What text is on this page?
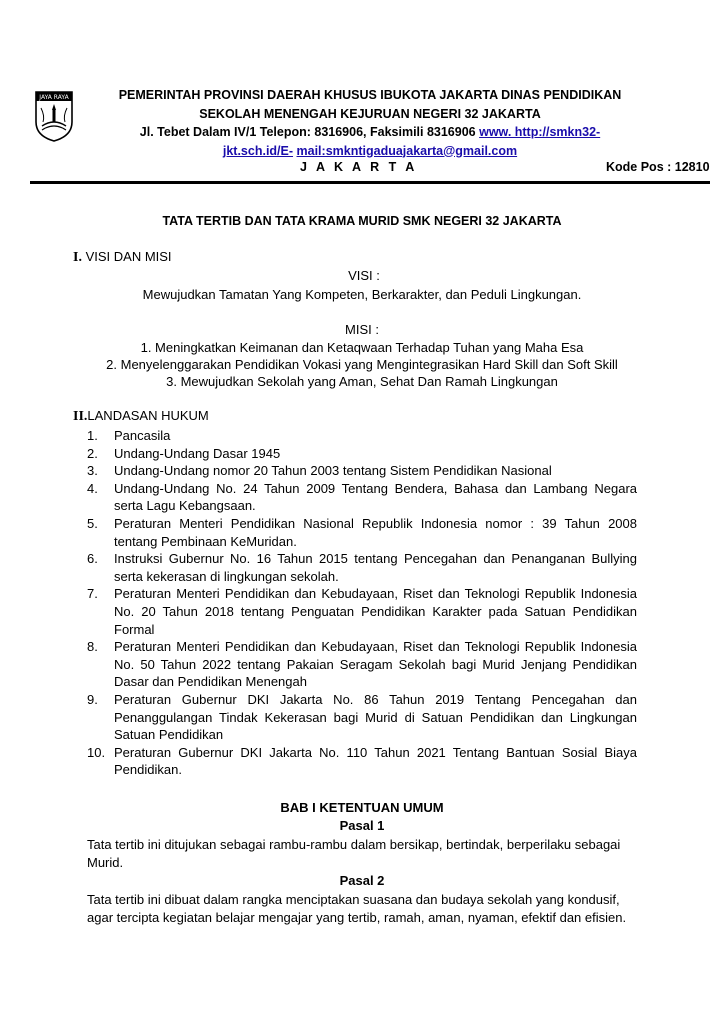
JAYA RAYA	PEMERINTAH PROVINSI DAERAH KHUSUS IBUKOTA JAKARTA DINAS PENDIDIKAN
SEKOLAH MENENGAH KEJURUAN NEGERI 32 JAKARTA
Jl. Tebet Dalam IV/1 Telepon: 8316906, Faksimili 8316906 www. http://smkn32-
jkt.sch.id/E- mail:smkntigaduajakarta@gmail.com
J A K A R T A	Kode Pos : 12810
TATA TERTIB DAN TATA KRAMA MURID SMK NEGERI 32 JAKARTA
I. VISI DAN MISI
VISI :
Mewujudkan Tamatan Yang Kompeten, Berkarakter, dan Peduli Lingkungan.
MISI :
1. Meningkatkan Keimanan dan Ketaqwaan Terhadap Tuhan yang Maha Esa
2. Menyelenggarakan Pendidikan Vokasi yang Mengintegrasikan Hard Skill dan Soft Skill
3. Mewujudkan Sekolah yang Aman, Sehat Dan Ramah Lingkungan
II.LANDASAN HUKUM
1. Pancasila
2. Undang-Undang Dasar 1945
3. Undang-Undang nomor 20 Tahun 2003 tentang Sistem Pendidikan Nasional
4. Undang-Undang No. 24 Tahun 2009 Tentang Bendera, Bahasa dan Lambang Negara serta Lagu Kebangsaan.
5. Peraturan Menteri Pendidikan Nasional Republik Indonesia nomor : 39 Tahun 2008 tentang Pembinaan KeMuridan.
6. Instruksi Gubernur No. 16 Tahun 2015 tentang Pencegahan dan Penanganan Bullying serta kekerasan di lingkungan sekolah.
7. Peraturan Menteri Pendidikan dan Kebudayaan, Riset dan Teknologi Republik Indonesia No. 20 Tahun 2018 tentang Penguatan Pendidikan Karakter pada Satuan Pendidikan Formal
8. Peraturan Menteri Pendidikan dan Kebudayaan, Riset dan Teknologi Republik Indonesia No. 50 Tahun 2022 tentang Pakaian Seragam Sekolah bagi Murid Jenjang Pendidikan Dasar dan Pendidikan Menengah
9. Peraturan Gubernur DKI Jakarta No. 86 Tahun 2019 Tentang Pencegahan dan Penanggulangan Tindak Kekerasan bagi Murid di Satuan Pendidikan dan Lingkungan Satuan Pendidikan
10. Peraturan Gubernur DKI Jakarta No. 110 Tahun 2021 Tentang Bantuan Sosial Biaya Pendidikan.
BAB I KETENTUAN UMUM
Pasal 1
Tata tertib ini ditujukan sebagai rambu-rambu dalam bersikap, bertindak, berperilaku sebagai Murid.
Pasal 2
Tata tertib ini dibuat dalam rangka menciptakan suasana dan budaya sekolah yang kondusif, agar tercipta kegiatan belajar mengajar yang tertib, ramah, aman, nyaman, efektif dan efisien.
